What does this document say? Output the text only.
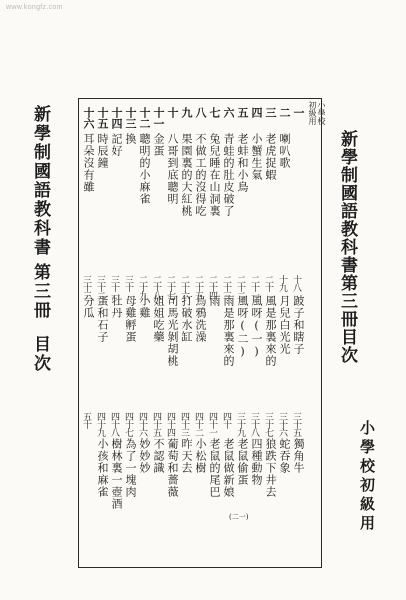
www.kongfz.com
新學制國語教科書
第三冊
目次
小學校
初級用
新學制國語教科書第三冊目次
小學校初級用
(二一)
一
二
喇叭歌
三
老虎捉蝦
四
小蟹生氣
五
老蚌和小鳥
六
青蛙的肚皮破了
七
兔兒睡在山洞裏
八
不做工的沒得吃
九
果園裏的大紅桃
十
八哥到底聰明
十一
金蛋
十二
聰明的小麻雀
十三
換
十四
記好
十五
時辰鐘
十六
耳朵沒有雖
十八
跛子和瞎子
十九
月兒白光光
二十
風是那裏來的
二十一
風呀(一)
二十二
風呀(二)
二十三
雨是那裏來的
二十四
雨
二十五
烏鴉洗澡
二十六
打破水缸
二十七
司馬光剝胡桃
二十八
姐姐吃藥
二十九
小雞
三十
母雞孵蛋
三十一
牡丹
三十二
蛋和石子
三十三
分瓜
三十五
獨角牛
三十六
蛇吞象
三十七
狼跌下井去
三十八
四種動物
三十九
老鼠偷蛋
四十
老鼠做新娘
四十一
老鼠的尾巴
四十二
小松樹
四十三
昨天去
四十四
葡萄和薔薇
四十五
不認識
四十六
妙妙妙
四十七
為了一塊肉
四十八
樹林裏一壺酒
四十九
小孩和麻雀
五十
